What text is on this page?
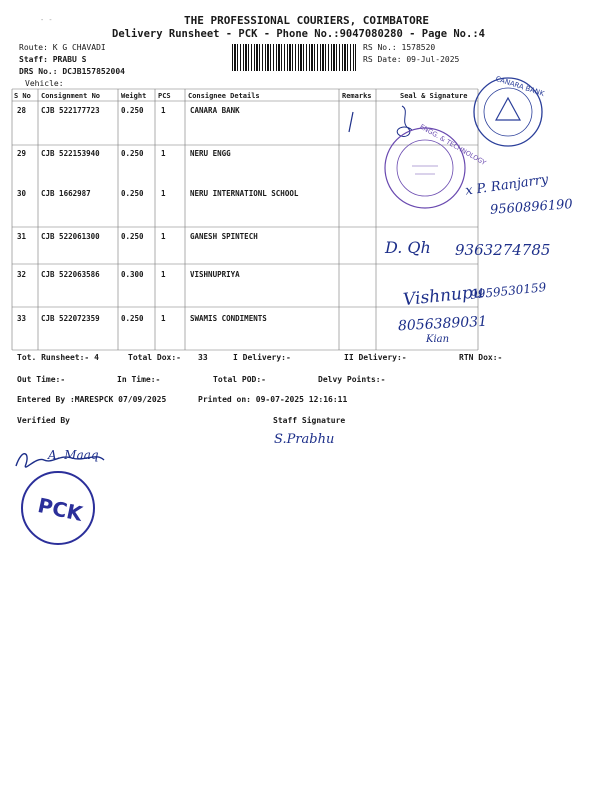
- -	THE PROFESSIONAL COURIERS, COIMBATORE
Delivery Runsheet - PCK - Phone No.:9047080280 - Page No.:4
Route: K G CHAVADI
Staff: PRABU S
DRS No.: DCJB157852004
Vehicle:
RS No.: 1578520
RS Date: 09-Jul-2025
S No Consignment No	Weight PCS Consignee Details	Remarks	Seal & Signature
28 CJB 522177723	0.250 1	CANARA BANK
29 CJB 522153940	0.250 1	NERU ENGG
30 CJB 1662987	0.250 1	NERU INTERNATIONL SCHOOL
31 CJB 522061300	0.250 1	GANESH SPINTECH
32 CJB 522063586	0.300 1	VISHNUPRIYA
33 CJB 522072359	0.250 1	SWAMIS CONDIMENTS
CANARA BANK
ENGG. & TECHNOLOGY
PCK
x P. Ranjarry
9560896190
D. Qh 9363274785
Vishnupu
9959530159
8056389031
Kian
Tot. Runsheet:- 4	Total Dox:- 33	I Delivery:-	II Delivery:-	RTN Dox:-
Out Time:-	In Time:-	Total POD:-	Delvy Points:-
Entered By :MARESPCK 07/09/2025	Printed on: 09-07-2025 12:16:11
Verified By	Staff Signature
S.Prabhu
A. Maaq
